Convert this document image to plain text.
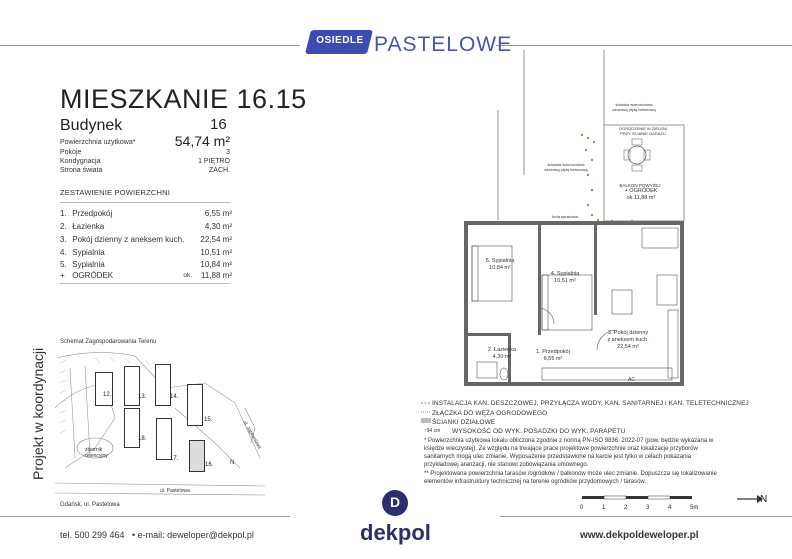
OSIEDLE PASTELOWE
MIESZKANIE 16.15
Budynek	16
Powierzchnia użytkowa*	54,74 m²
Pokoje	3
Kondygnacja	1 PIĘTRO
Strona świata	ZACH.
ZESTAWIENIE POWIERZCHNI
1. Przedpokój	6,55 m²
2. Łazienka	4,30 m²
3. Pokój dzienny z aneksem kuch. 22,54 m²
4. Sypialnia	10,51 m²
5. Sypialnia	10,84 m²
+ OGRÓDEK	ok. 11,88 m²
Schemat Zagospodarowania Terenu
Projekt w koordynacji	12.	13.	14.
15.
18.
17.
16.
zbiornik retencyjny
ul. Jabłoniowa
ul. Pastelowa
Gdańsk, ul. Pastelowa
N
AC
5. Sypialnia
10,84 m²
4. Sypialnia
10,51 m²
3. Pokój dzienny
z aneksem kuch.
22,54 m²
2. Łazienka
4,30 m²
1. Przedpokój
6,55 m²
+ OGRÓDEK
ok.11,88 m²
BALKON POWYŻEJ
OGRODZENIE W ZIELENI
PRZY ŚCIANIE GARAŻU
ścianka wzmocniona
ażurową płytą betonową
ścianka wzmocniona
ażurową płytą betonową
furta spustowa
INSTALACJA KAN. DESZCZOWEJ, PRZYŁĄCZA WODY, KAN. SANITARNEJ i KAN. TELETECHNICZNEJ
ZŁĄCZKA DO WĘŻA OGRODOWEGO
ŚCIANKI DZIAŁOWE
↑94 cm WYSOKOŚĆ OD WYK. POSADZKI DO WYK. PARAPETU
* Powierzchnia użytkowa lokalu obliczona zgodnie z normą PN-ISO 9836: 2022-07 (pow. będzie wykazana w księdze wieczystej). Ze względu na trwające prace projektowe powierzchnie oraz lokalizacje przyborów sanitarnych mogą ulec zmianie. Wyposażenie przedstawione na karcie jest tylko w celach pokazania przykładowej aranżacji, nie stanowi zobowiązania umownego.
** Projektowana powierzchnia tarasów /ogródków / balkonów może ulec zmianie. Dopuszcza się lokalizowanie elementów infrastruktury technicznej na terenie ogródków przydomowych / tarasów.
0	1	2	3	4	5m
N
tel. 500 299 464 • e-mail: deweloper@dekpol.pl
D
dekpol	www.dekpoldeweloper.pl
